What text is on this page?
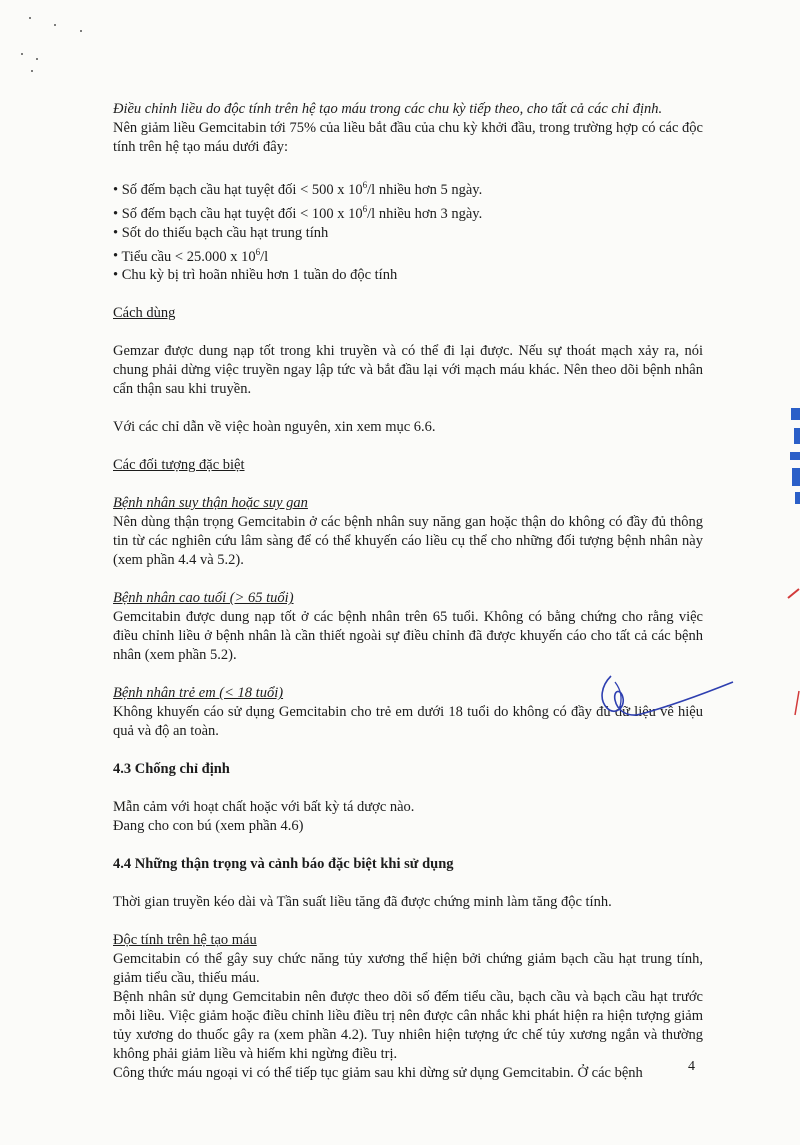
Điều chỉnh liều do độc tính trên hệ tạo máu trong các chu kỳ tiếp theo, cho tất cả các chỉ định.

Nên giảm liều Gemcitabin tới 75% của liều bắt đầu của chu kỳ khởi đầu, trong trường hợp có các độc tính trên hệ tạo máu dưới đây:

• Số đếm bạch cầu hạt tuyệt đối < 500 x $10^6/l$ nhiều hơn 5 ngày.
• Số đếm bạch cầu hạt tuyệt đối < 100 x $10^6/l$ nhiều hơn 3 ngày.
• Sốt do thiếu bạch cầu hạt trung tính
• Tiểu cầu < 25.000 x $10^6/l$
• Chu kỳ bị trì hoãn nhiều hơn 1 tuần do độc tính

Cách dùng

Gemzar được dung nạp tốt trong khi truyền và có thể đi lại được. Nếu sự thoát mạch xảy ra, nói chung phải dừng việc truyền ngay lập tức và bắt đầu lại với mạch máu khác. Nên theo dõi bệnh nhân cẩn thận sau khi truyền.

Với các chỉ dẫn về việc hoàn nguyên, xin xem mục 6.6.

Các đối tượng đặc biệt

Bệnh nhân suy thận hoặc suy gan

Nên dùng thận trọng Gemcitabin ở các bệnh nhân suy năng gan hoặc thận do không có đầy đủ thông tin từ các nghiên cứu lâm sàng để có thể khuyến cáo liều cụ thể cho những đối tượng bệnh nhân này (xem phần 4.4 và 5.2).

Bệnh nhân cao tuổi (> 65 tuổi)

Gemcitabin được dung nạp tốt ở các bệnh nhân trên 65 tuổi. Không có bằng chứng cho rằng việc điều chỉnh liều ở bệnh nhân là cần thiết ngoài sự điều chỉnh đã được khuyến cáo cho tất cả các bệnh nhân (xem phần 5.2).

Bệnh nhân trẻ em (< 18 tuổi)

Không khuyến cáo sử dụng Gemcitabin cho trẻ em dưới 18 tuổi do không có đầy đủ dữ liệu về hiệu quả và độ an toàn.

4.3 Chống chỉ định

Mẫn cảm với hoạt chất hoặc với bất kỳ tá dược nào.

Đang cho con bú (xem phần 4.6)

4.4 Những thận trọng và cảnh báo đặc biệt khi sử dụng

Thời gian truyền kéo dài và Tần suất liều tăng đã được chứng minh làm tăng độc tính.

Độc tính trên hệ tạo máu

Gemcitabin có thể gây suy chức năng tủy xương thể hiện bởi chứng giảm bạch cầu hạt trung tính, giảm tiểu cầu, thiếu máu.

Bệnh nhân sử dụng Gemcitabin nên được theo dõi số đếm tiểu cầu, bạch cầu và bạch cầu hạt trước mỗi liều. Việc giảm hoặc điều chỉnh liều điều trị nên được cân nhắc khi phát hiện ra hiện tượng giảm tủy xương do thuốc gây ra (xem phần 4.2). Tuy nhiên hiện tượng ức chế tủy xương ngắn và thường không phải giảm liều và hiếm khi ngừng điều trị.

Công thức máu ngoại vi có thể tiếp tục giảm sau khi dừng sử dụng Gemcitabin. Ở các bệnh	4
